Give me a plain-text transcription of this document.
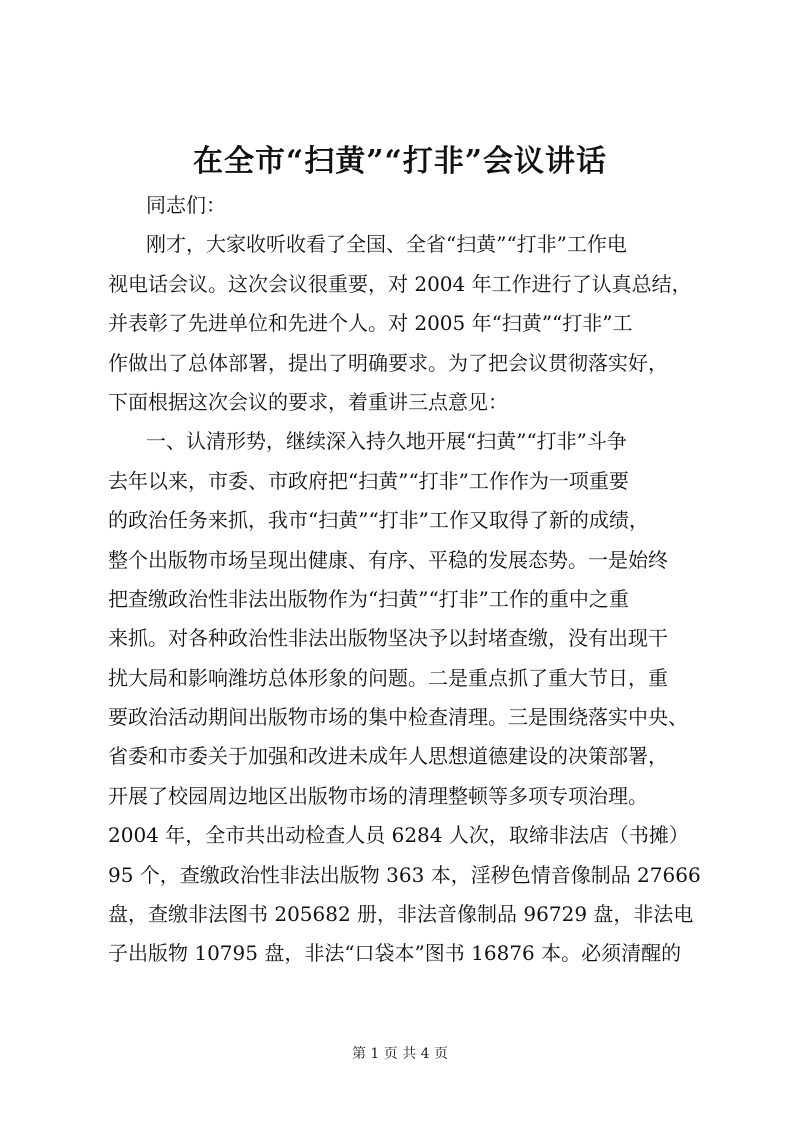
在全市“扫黄”“打非”会议讲话
同志们：
刚才，大家收听收看了全国、全省“扫黄”“打非”工作电
视电话会议。这次会议很重要，对 2004 年工作进行了认真总结，
并表彰了先进单位和先进个人。对 2005 年“扫黄”“打非”工
作做出了总体部署，提出了明确要求。为了把会议贯彻落实好，
下面根据这次会议的要求，着重讲三点意见：
一、认清形势，继续深入持久地开展“扫黄”“打非”斗争
去年以来，市委、市政府把“扫黄”“打非”工作作为一项重要
的政治任务来抓，我市“扫黄”“打非”工作又取得了新的成绩，
整个出版物市场呈现出健康、有序、平稳的发展态势。一是始终
把查缴政治性非法出版物作为“扫黄”“打非”工作的重中之重
来抓。对各种政治性非法出版物坚决予以封堵查缴，没有出现干
扰大局和影响潍坊总体形象的问题。二是重点抓了重大节日，重
要政治活动期间出版物市场的集中检查清理。三是围绕落实中央、
省委和市委关于加强和改进未成年人思想道德建设的决策部署，
开展了校园周边地区出版物市场的清理整顿等多项专项治理。
2004 年，全市共出动检查人员 6284 人次，取缔非法店（书摊）
95 个，查缴政治性非法出版物 363 本，淫秽色情音像制品 27666
盘，查缴非法图书 205682 册，非法音像制品 96729 盘，非法电
子出版物 10795 盘，非法“口袋本”图书 16876 本。必须清醒的
第 1 页 共 4 页
